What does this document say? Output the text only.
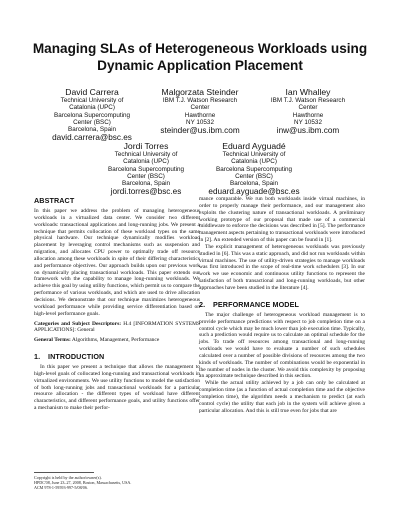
Managing SLAs of Heterogeneous Workloads using
Dynamic Application Placement
David Carrera
Technical University of
Catalonia (UPC)
Barcelona Supercomputing
Center (BSC)
Barcelona, Spain
david.carrera@bsc.es
Malgorzata Steinder
IBM T.J. Watson Research
Center
Hawthorne
NY 10532
steinder@us.ibm.com
Ian Whalley
IBM T.J. Watson Research
Center
Hawthorne
NY 10532
inw@us.ibm.com
Jordi Torres
Technical University of
Catalonia (UPC)
Barcelona Supercomputing
Center (BSC)
Barcelona, Spain
jordi.torres@bsc.es
Eduard Ayguadé
Technical University of
Catalonia (UPC)
Barcelona Supercomputing
Center (BSC)
Barcelona, Spain
eduard.ayguade@bsc.es
ABSTRACT

In this paper we address the problem of managing heterogeneous workloads in a virtualized data center. We consider two different workloads: transactional applications and long-running jobs. We present a technique that permits collocation of these workload types on the same physical hardware. Our technique dynamically modifies workload placement by leveraging control mechanisms such as suspension and migration, and allocates CPU power to optimally trade off resource allocation among these workloads in spite of their differing characteristics and performance objectives. Our approach builds upon our previous work on dynamically placing transactional workloads. This paper extends our framework with the capability to manage long-running workloads. We achieve this goal by using utility functions, which permit us to compare the performance of various workloads, and which are used to drive allocation decisions. We demonstrate that our technique maximizes heterogeneous workload performance while providing service differentiation based on high-level performance goals.

Categories and Subject Descriptors: H.4 [INFORMATION SYSTEMS APPLICATIONS]: General

General Terms: Algorithms, Management, Performance

1. INTRODUCTION

In this paper we present a technique that allows the management to high-level goals of collocated long-running and transactional workloads in virtualized environments. We use utility functions to model the satisfaction of both long-running jobs and transactional workloads for a particular resource allocation - the different types of workload have different characteristics, and different performance goals, and utility functions offer a mechanism to make their perfor-

Copyright is held by the author/owner(s).
HPDC'08, June 23–27, 2008, Boston, Massachusetts, USA.
ACM 978-1-59593-997-5/08/06.

mance comparable. We run both workloads inside virtual machines, in order to properly manage their performance, and our management also exploits the clustering nature of transactional workloads. A preliminary working prototype of our proposal that made use of a commercial middleware to enforce the decisions was described in [5]. The performance management aspects pertaining to transactional workloads were introduced in [2]. An extended version of this paper can be found in [1].

The explicit management of heterogeneous workloads was previously studied in [6]. This was a static approach, and did not run workloads within virtual machines. The use of utility-driven strategies to manage workloads was first introduced in the scope of real-time work schedulers [3]. In our work we use economic and continuous utility functions to represent the satisfaction of both transactional and long-running workloads, but other approaches have been studied in the literature [4].

2. PERFORMANCE MODEL

The major challenge of heterogeneous workload management is to provide performance predictions with respect to job completion time on a control cycle which may be much lower than job execution time. Typically, such a prediction would require us to calculate an optimal schedule for the jobs. To trade off resources among transactional and long-running workloads we would have to evaluate a number of such schedules calculated over a number of possible divisions of resources among the two kinds of workloads. The number of combinations would be exponential in the number of nodes in the cluster. We avoid this complexity by proposing an approximate technique described in this section.

While the actual utility achieved by a job can only be calculated at completion time (as a function of actual completion time and the objective completion time), the algorithm needs a mechanism to predict (at each control cycle) the utility that each job in the system will achieve given a particular allocation. And this is still true even for jobs that are
